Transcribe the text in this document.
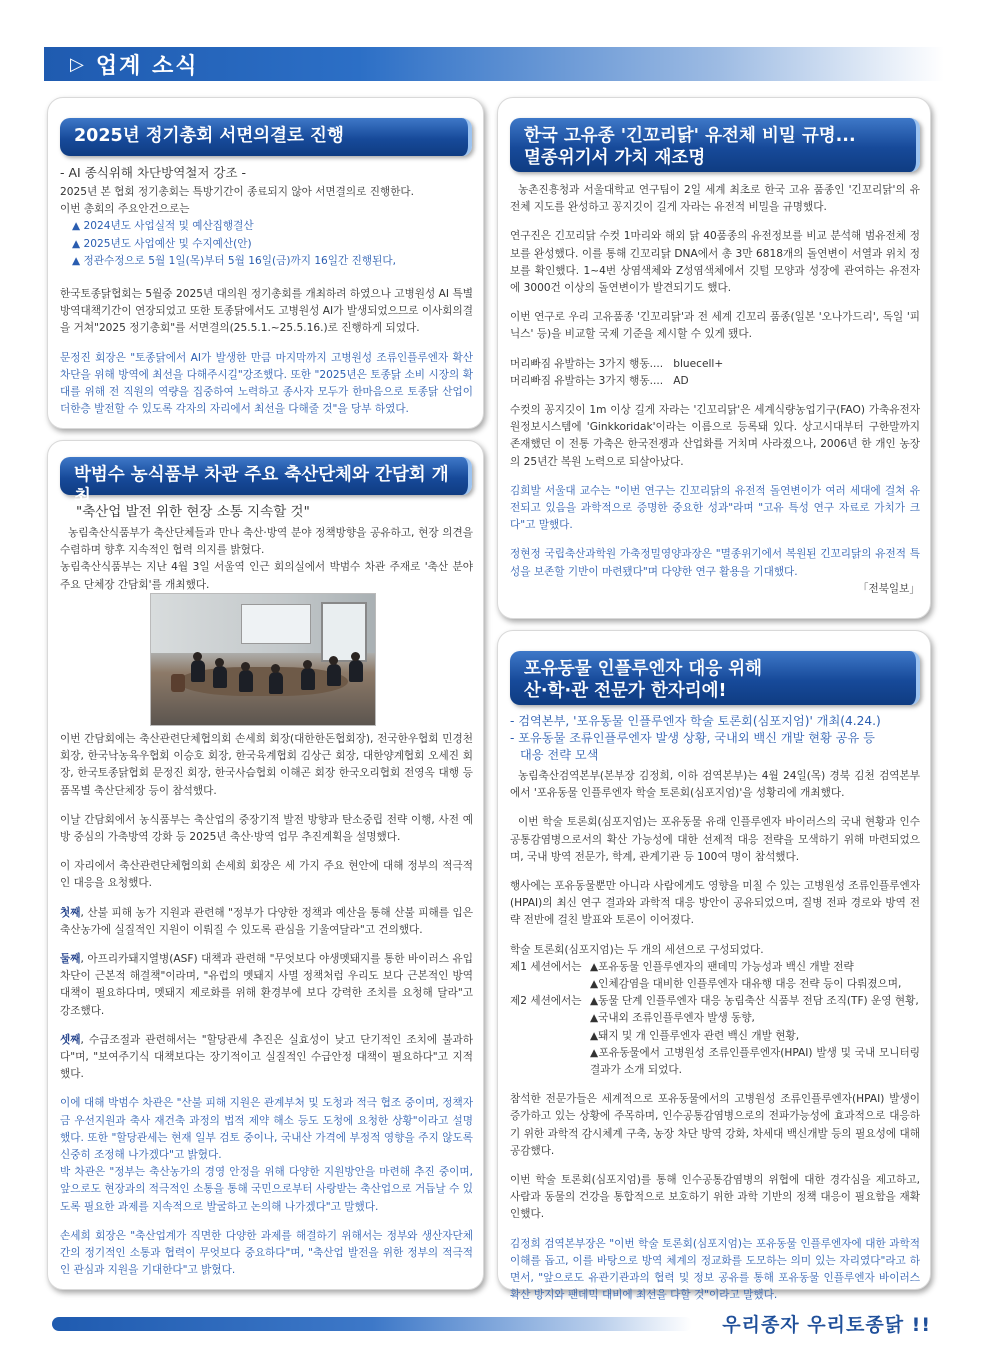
▷ 업계 소식
2025년 정기총회 서면의결로 진행

- AI 종식위해 차단방역철저 강조 -

2025년 본 협회 정기총회는 특방기간이 종료되지 않아 서면결의로 진행한다.

이번 총회의 주요안건으로는

▲ 2024년도 사업실적 및 예산집행결산
▲ 2025년도 사업예산 및 수지예산(안)
▲ 정관수정으로 5월 1일(목)부터 5월 16일(금)까지 16일간 진행된다,

한국토종닭협회는 5월중 2025년 대의원 정기총회를 개최하려 하였으나 고병원성 AI 특별방역대책기간이 연장되었고 또한 토종닭에서도 고병원성 AI가 발생되었으므로 이사회의결을 거쳐"2025 정기총회"를 서면결의(25.5.1.~25.5.16.)로 진행하게 되었다.

문정진 회장은 "토종닭에서 AI가 발생한 만큼 마지막까지 고병원성 조류인플루엔자 확산 차단을 위해 방역에 최선을 다해주시길"강조했다. 또한 "2025년은 토종닭 소비 시장의 확대를 위해 전 직원의 역량을 집중하여 노력하고 종사자 모두가 한마음으로 토종닭 산업이 더한층 발전할 수 있도록 각자의 자리에서 최선을 다해줄 것"을 당부 하였다.

박범수 농식품부 차관 주요 축산단체와 간담회 개최

"축산업 발전 위한 현장 소통 지속할 것"

농림축산식품부가 축산단체들과 만나 축산·방역 분야 정책방향을 공유하고, 현장 의견을 수렴하며 향후 지속적인 협력 의지를 밝혔다.

농림축산식품부는 지난 4월 3일 서울역 인근 회의실에서 박범수 차관 주재로 '축산 분야 주요 단체장 간담회'를 개최했다.

이번 간담회에는 축산관련단체협의회 손세희 회장(대한한돈협회장), 전국한우협회 민경천 회장, 한국낙농육우협회 이승호 회장, 한국육계협회 김상근 회장, 대한양계협회 오세진 회장, 한국토종닭협회 문정진 회장, 한국사슴협회 이해곤 회장 한국오리협회 전영옥 대행 등 품목별 축산단체장 등이 참석했다.

이날 간담회에서 농식품부는 축산업의 중장기적 발전 방향과 탄소중립 전략 이행, 사전 예방 중심의 가축방역 강화 등 2025년 축산·방역 업무 추진계획을 설명했다.

이 자리에서 축산관련단체협의회 손세희 회장은 세 가지 주요 현안에 대해 정부의 적극적인 대응을 요청했다.

첫째, 산불 피해 농가 지원과 관련해 "정부가 다양한 정책과 예산을 통해 산불 피해를 입은 축산농가에 실질적인 지원이 이뤄질 수 있도록 관심을 기울여달라"고 건의했다.

둘째, 아프리카돼지열병(ASF) 대책과 관련해 "무엇보다 야생멧돼지를 통한 바이러스 유입 차단이 근본적 해결책"이라며, "유럽의 멧돼지 사멸 정책처럼 우리도 보다 근본적인 방역대책이 필요하다며, 멧돼지 제로화를 위해 환경부에 보다 강력한 조치를 요청해 달라"고 강조했다.

셋째, 수급조절과 관련해서는 "할당관세 추진은 실효성이 낮고 단기적인 조치에 불과하다"며, "보여주기식 대책보다는 장기적이고 실질적인 수급안정 대책이 필요하다"고 지적했다.

이에 대해 박범수 차관은 "산불 피해 지원은 관계부처 및 도청과 적극 협조 중이며, 정책자금 우선지원과 축사 재건축 과정의 법적 제약 해소 등도 도청에 요청한 상황"이라고 설명했다. 또한 "할당관세는 현재 일부 검토 중이나, 국내산 가격에 부정적 영향을 주지 않도록 신중히 조정해 나가겠다"고 밝혔다.

박 차관은 "정부는 축산농가의 경영 안정을 위해 다양한 지원방안을 마련해 추진 중이며, 앞으로도 현장과의 적극적인 소통을 통해 국민으로부터 사랑받는 축산업으로 거듭날 수 있도록 필요한 과제를 지속적으로 발굴하고 논의해 나가겠다"고 말했다.

손세희 회장은 "축산업계가 직면한 다양한 과제를 해결하기 위해서는 정부와 생산자단체 간의 정기적인 소통과 협력이 무엇보다 중요하다"며, "축산업 발전을 위한 정부의 적극적인 관심과 지원을 기대한다"고 밝혔다.

한국 고유종 '긴꼬리닭' 유전체 비밀 규명...
멸종위기서 가치 재조명

농촌진흥청과 서울대학교 연구팀이 2일 세계 최초로 한국 고유 품종인 '긴꼬리닭'의 유전체 지도를 완성하고 꽁지깃이 길게 자라는 유전적 비밀을 규명했다.

연구진은 긴꼬리닭 수컷 1마리와 해외 닭 40품종의 유전정보를 비교 분석해 범유전체 정보를 완성했다. 이를 통해 긴꼬리닭 DNA에서 총 3만 6818개의 돌연변이 서열과 위치 정보를 확인했다. 1~4번 상염색체와 Z성염색체에서 깃털 모양과 성장에 관여하는 유전자에 3000건 이상의 돌연변이가 발견되기도 했다.

이번 연구로 우리 고유품종 '긴꼬리닭'과 전 세계 긴꼬리 품종(일본 '오나가드리', 독일 '피닉스' 등)을 비교할 국제 기준을 제시할 수 있게 됐다.

머리빠짐 유발하는 3가지 행동....   bluecell+

머리빠짐 유발하는 3가지 행동....   AD

수컷의 꽁지깃이 1m 이상 길게 자라는 '긴꼬리닭'은 세계식량농업기구(FAO) 가축유전자원정보시스템에 'Ginkkoridak'이라는 이름으로 등록돼 있다. 상고시대부터 구한말까지 존재했던 이 전통 가축은 한국전쟁과 산업화를 거치며 사라졌으나, 2006년 한 개인 농장의 25년간 복원 노력으로 되살아났다.

김희발 서울대 교수는 "이번 연구는 긴꼬리닭의 유전적 돌연변이가 여러 세대에 걸쳐 유전되고 있음을 과학적으로 증명한 중요한 성과"라며 "고유 특성 연구 자료로 가치가 크다"고 말했다.

정현정 국립축산과학원 가축정밀영양과장은 "멸종위기에서 복원된 긴꼬리닭의 유전적 특성을 보존할 기반이 마련됐다"며 다양한 연구 활용을 기대했다.

「전북일보」

포유동물 인플루엔자 대응 위해
산·학·관 전문가 한자리에!
- 검역본부, '포유동물 인플루엔자 학술 토론회(심포지엄)' 개최(4.24.)
- 포유동물 조류인플루엔자 발생 상황, 국내외 백신 개발 현황 공유 등
대응 전략 모색

농림축산검역본부(본부장 김정희, 이하 검역본부)는 4월 24일(목) 경북 김천 검역본부에서 '포유동물 인플루엔자 학술 토론회(심포지엄)'을 성황리에 개최했다.

이번 학술 토론회(심포지엄)는 포유동물 유래 인플루엔자 바이러스의 국내 현황과 인수공통감염병으로서의 확산 가능성에 대한 선제적 대응 전략을 모색하기 위해 마련되었으며, 국내 방역 전문가, 학계, 관계기관 등 100여 명이 참석했다.

행사에는 포유동물뿐만 아니라 사람에게도 영향을 미칠 수 있는 고병원성 조류인플루엔자(HPAI)의 최신 연구 결과와 과학적 대응 방안이 공유되었으며, 질병 전파 경로와 방역 전략 전반에 걸친 발표와 토론이 이어졌다.

학술 토론회(심포지엄)는 두 개의 세션으로 구성되었다.

제1 세션에서는 ▲포유동물 인플루엔자의 팬데믹 가능성과 백신 개발 전략
▲인체감염을 대비한 인플루엔자 대유행 대응 전략 등이 다뤄졌으며,
제2 세션에서는 ▲동물 단계 인플루엔자 대응 농림축산 식품부 전담 조직(TF) 운영 현황,
▲국내외 조류인플루엔자 발생 동향,
▲돼지 및 개 인플루엔자 관련 백신 개발 현황,
▲포유동물에서 고병원성 조류인플루엔자(HPAI) 발생 및 국내 모니터링 결과가 소개 되었다.

참석한 전문가들은 세계적으로 포유동물에서의 고병원성 조류인플루엔자(HPAI) 발생이 증가하고 있는 상황에 주목하며, 인수공통감염병으로의 전파가능성에 효과적으로 대응하기 위한 과학적 감시체계 구축, 농장 차단 방역 강화, 차세대 백신개발 등의 필요성에 대해 공감했다.

이번 학술 토론회(심포지엄)를 통해 인수공통감염병의 위협에 대한 경각심을 제고하고, 사람과 동물의 건강을 통합적으로 보호하기 위한 과학 기반의 정책 대응이 필요함을 재확인했다.

김정희 검역본부장은 "이번 학술 토론회(심포지엄)는 포유동물 인플루엔자에 대한 과학적 이해를 돕고, 이를 바탕으로 방역 체계의 정교화를 도모하는 의미 있는 자리였다"라고 하면서, "앞으로도 유관기관과의 협력 및 정보 공유를 통해 포유동물 인플루엔자 바이러스 확산 방지와 팬데믹 대비에 최선을 다할 것"이라고 말했다.

우리종자 우리토종닭 !!
